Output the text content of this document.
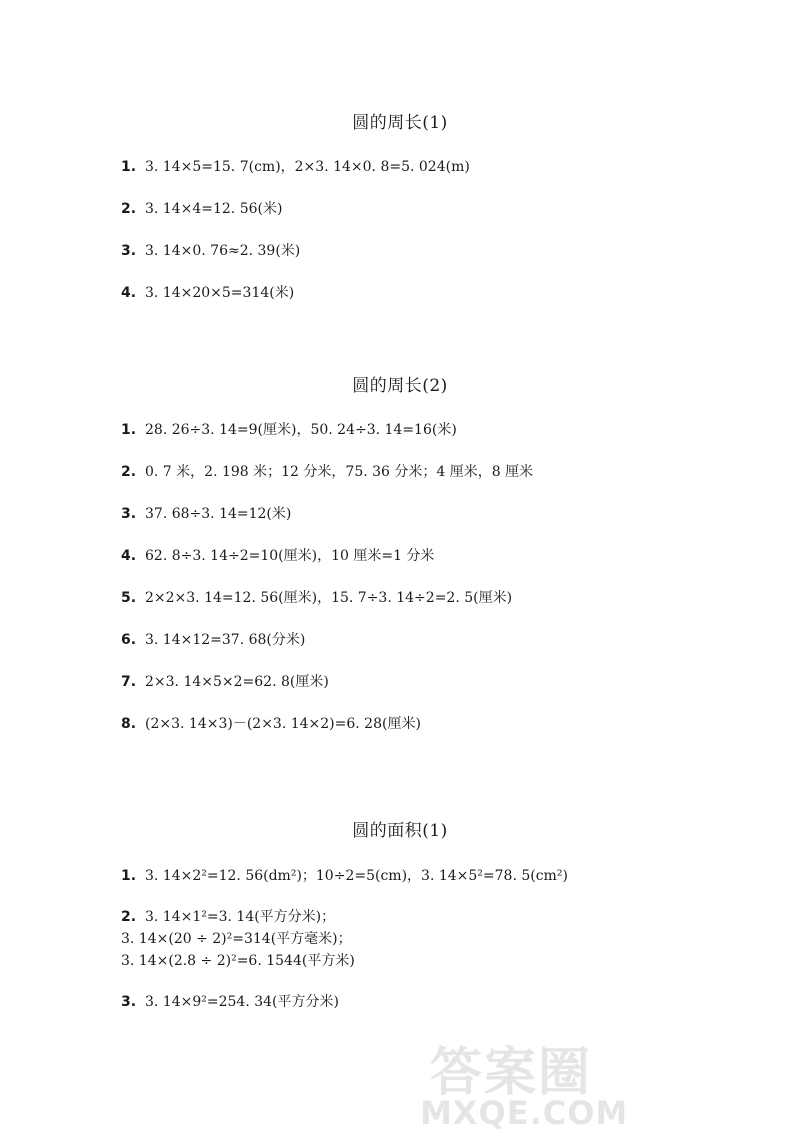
圆的周长(1)
1. 3. 14×5=15. 7(cm)，2×3. 14×0. 8=5. 024(m)
2. 3. 14×4=12. 56(米)
3. 3. 14×0. 76≈2. 39(米)
4. 3. 14×20×5=314(米)
圆的周长(2)
1. 28. 26÷3. 14=9(厘米)，50. 24÷3. 14=16(米)
2. 0. 7 米，2. 198 米；12 分米，75. 36 分米；4 厘米，8 厘米
3. 37. 68÷3. 14=12(米)
4. 62. 8÷3. 14÷2=10(厘米)，10 厘米=1 分米
5. 2×2×3. 14=12. 56(厘米)，15. 7÷3. 14÷2=2. 5(厘米)
6. 3. 14×12=37. 68(分米)
7. 2×3. 14×5×2=62. 8(厘米)
8. (2×3. 14×3)－(2×3. 14×2)=6. 28(厘米)
圆的面积(1)
1. 3. 14×2²=12. 56(dm²)；10÷2=5(cm)，3. 14×5²=78. 5(cm²)
2. 3. 14×1²=3. 14(平方分米)；
3. 14×(20 ÷ 2)²=314(平方毫米)；
3. 14×(2.8 ÷ 2)²=6. 1544(平方米)
3. 3. 14×9²=254. 34(平方分米)
答案圈
MXQE.COM
